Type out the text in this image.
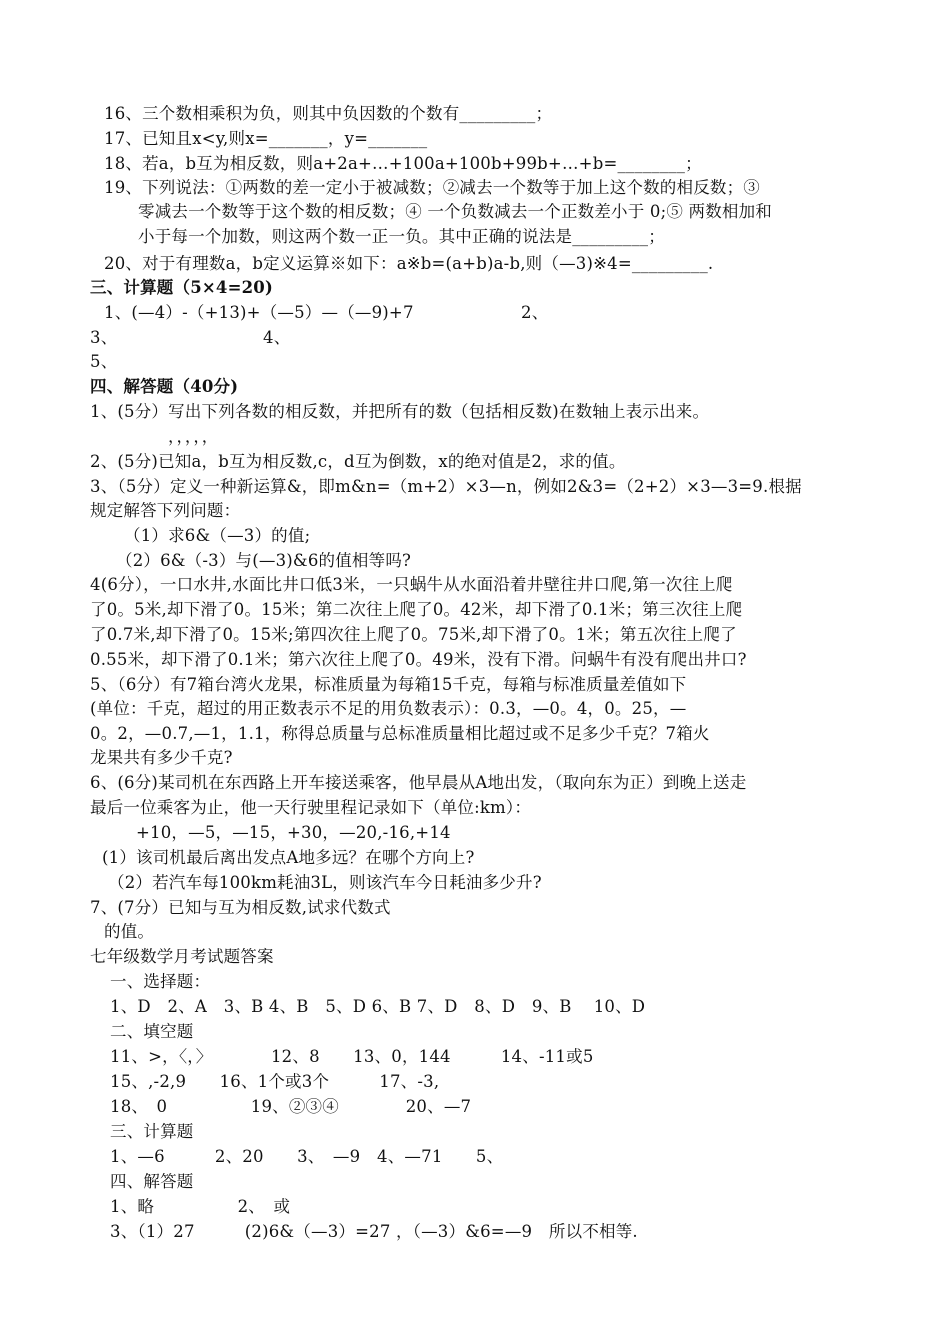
16、三个数相乘积为负，则其中负因数的个数有_________；
17、已知且x<y,则x=_______，y=_______
18、若a，b互为相反数，则a+2a+…+100a+100b+99b+…+b=________；
19、下列说法：①两数的差一定小于被减数；②减去一个数等于加上这个数的相反数；③
零减去一个数等于这个数的相反数；④ 一个负数减去一个正数差小于 0;⑤ 两数相加和
小于每一个加数，则这两个数一正一负。其中正确的说法是_________；
20、对于有理数a，b定义运算※如下：a※b=(a+b)a-b,则（—3)※4=_________.
三、计算题（5×4=20)
1、(—4）-（+13)+（—5）—（—9)+7	2、
3、	4、
5、
四、解答题（40分)
1、(5分）写出下列各数的相反数，并把所有的数（包括相反数)在数轴上表示出来。
，，，，，
2、(5分)已知a，b互为相反数,c，d互为倒数，x的绝对值是2，求的值。
3、（5分）定义一种新运算&，即m&n=（m+2）×3—n，例如2&3=（2+2）×3—3=9.根据
规定解答下列问题：
（1）求6&（—3）的值;
（2）6&（-3）与(—3)&6的值相等吗?
4(6分），一口水井,水面比井口低3米，一只蜗牛从水面沿着井壁往井口爬,第一次往上爬
了0。5米,却下滑了0。15米；第二次往上爬了0。42米，却下滑了0.1米；第三次往上爬
了0.7米,却下滑了0。15米;第四次往上爬了0。75米,却下滑了0。1米；第五次往上爬了
0.55米，却下滑了0.1米；第六次往上爬了0。49米，没有下滑。问蜗牛有没有爬出井口?
5、（6分）有7箱台湾火龙果，标准质量为每箱15千克，每箱与标准质量差值如下
(单位：千克，超过的用正数表示不足的用负数表示）：0.3，—0。4，0。25，—
0。2，—0.7,—1，1.1，称得总质量与总标准质量相比超过或不足多少千克？7箱火
龙果共有多少千克?
6、(6分)某司机在东西路上开车接送乘客，他早晨从A地出发，（取向东为正）到晚上送走
最后一位乘客为止，他一天行驶里程记录如下（单位:km）：
+10，—5，—15，+30，—20,-16,+14
(1）该司机最后离出发点A地多远？在哪个方向上?
（2）若汽车每100km耗油3L，则该汽车今日耗油多少升?
7、(7分）已知与互为相反数,试求代数式
的值。
七年级数学月考试题答案
一、选择题：
1、D　2、A　3、B 4、B　5、D 6、B 7、D　8、D　9、B　 10、D
二、填空题
11、>，〈，〉　　　　12、8　　13、0，144　　　14、-11或5
15、,-2,9　　16、1个或3个　　　17、-3,
18、　0　　　　　19、②③④　　　　20、—7
三、计算题
1、—6　　　2、20　　3、　—9　4、—71　　5、
四、解答题
1、略　　　　　2、　或
3、（1）27　　　(2)6&（—3）=27 ，（—3）&6=—9　所以不相等.
